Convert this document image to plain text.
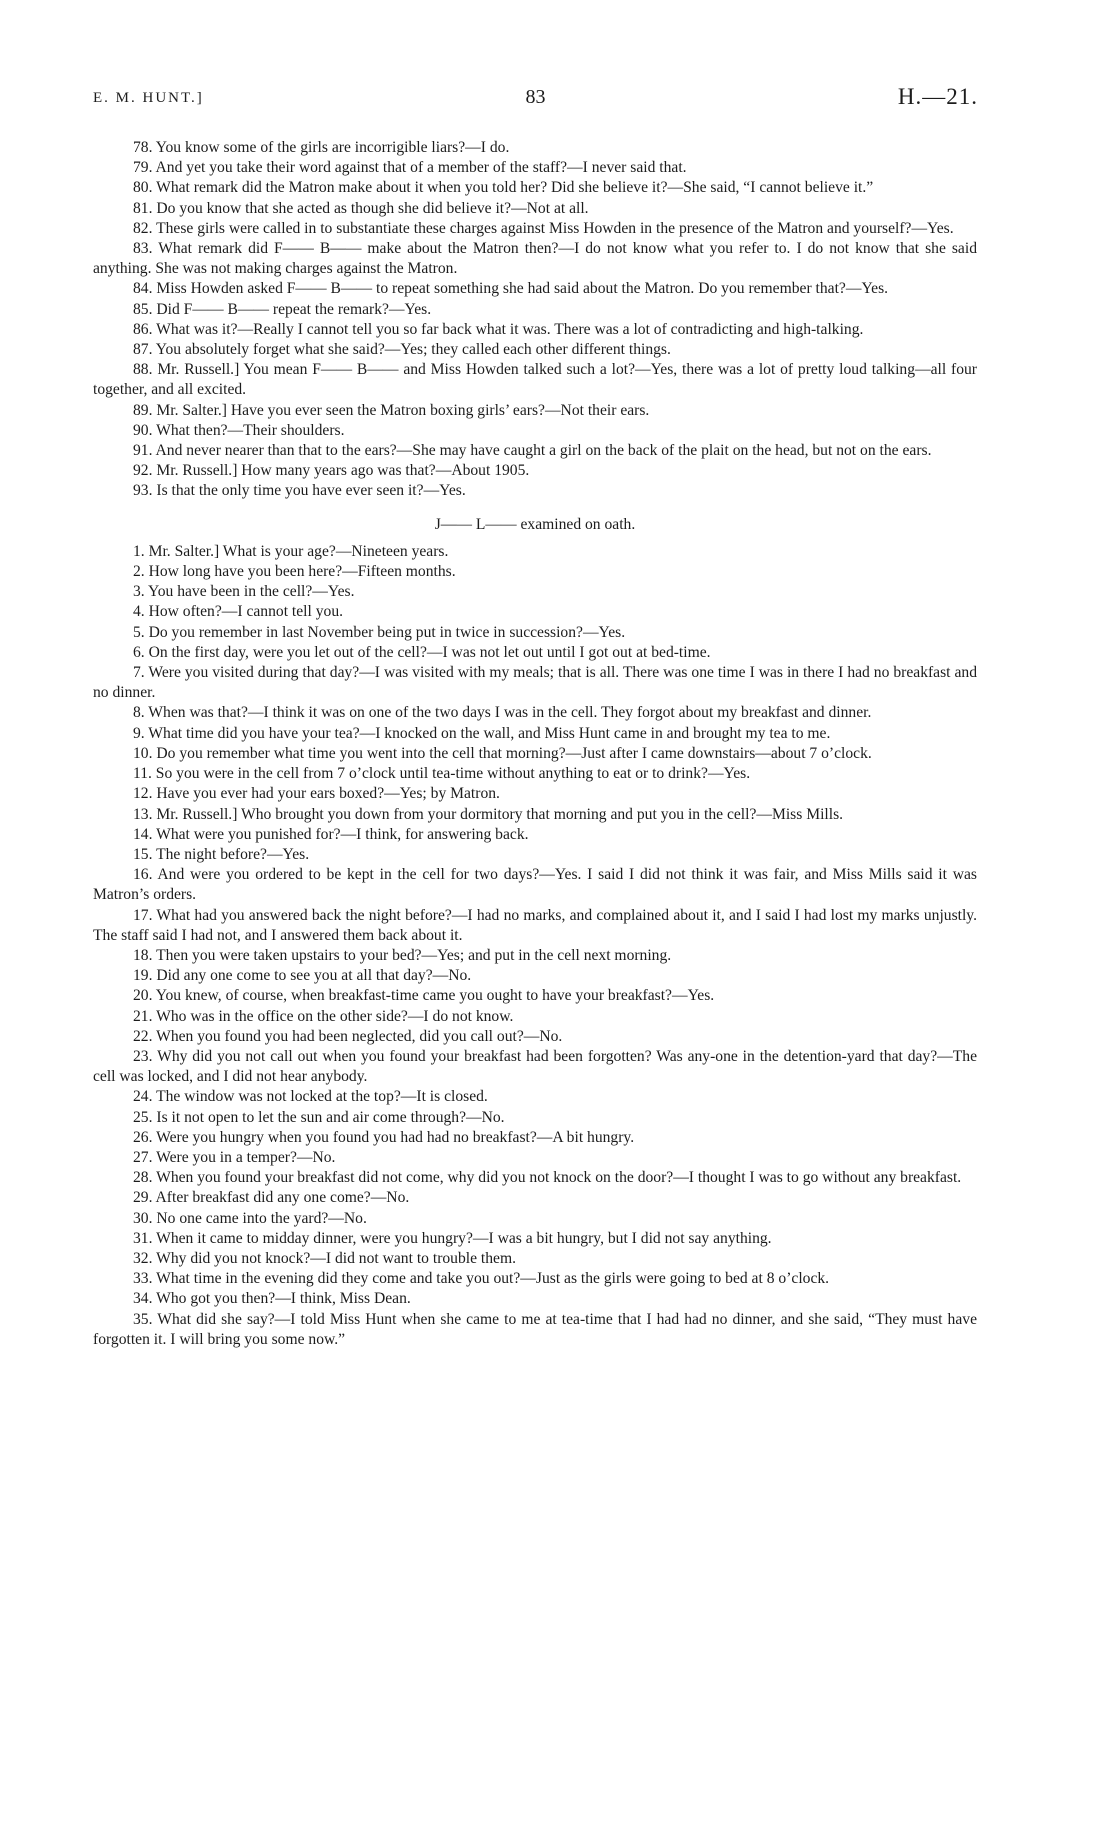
E. M. HUNT.]	83	H.—21.

78. You know some of the girls are incorrigible liars?—I do.

79. And yet you take their word against that of a member of the staff?—I never said that.

80. What remark did the Matron make about it when you told her? Did she believe it?—She said, “I cannot believe it.”

81. Do you know that she acted as though she did believe it?—Not at all.

82. These girls were called in to substantiate these charges against Miss Howden in the presence of the Matron and yourself?—Yes.

83. What remark did F—— B—— make about the Matron then?—I do not know what you refer to. I do not know that she said anything. She was not making charges against the Matron.

84. Miss Howden asked F—— B—— to repeat something she had said about the Matron. Do you remember that?—Yes.

85. Did F—— B—— repeat the remark?—Yes.

86. What was it?—Really I cannot tell you so far back what it was. There was a lot of contradicting and high-talking.

87. You absolutely forget what she said?—Yes; they called each other different things.

88. Mr. Russell.] You mean F—— B—— and Miss Howden talked such a lot?—Yes, there was a lot of pretty loud talking—all four together, and all excited.

89. Mr. Salter.] Have you ever seen the Matron boxing girls’ ears?—Not their ears.

90. What then?—Their shoulders.

91. And never nearer than that to the ears?—She may have caught a girl on the back of the plait on the head, but not on the ears.

92. Mr. Russell.] How many years ago was that?—About 1905.

93. Is that the only time you have ever seen it?—Yes.

J—— L—— examined on oath.

1. Mr. Salter.] What is your age?—Nineteen years.

2. How long have you been here?—Fifteen months.

3. You have been in the cell?—Yes.

4. How often?—I cannot tell you.

5. Do you remember in last November being put in twice in succession?—Yes.

6. On the first day, were you let out of the cell?—I was not let out until I got out at bed-time.

7. Were you visited during that day?—I was visited with my meals; that is all. There was one time I was in there I had no breakfast and no dinner.

8. When was that?—I think it was on one of the two days I was in the cell. They forgot about my breakfast and dinner.

9. What time did you have your tea?—I knocked on the wall, and Miss Hunt came in and brought my tea to me.

10. Do you remember what time you went into the cell that morning?—Just after I came downstairs—about 7 o’clock.

11. So you were in the cell from 7 o’clock until tea-time without anything to eat or to drink?—Yes.

12. Have you ever had your ears boxed?—Yes; by Matron.

13. Mr. Russell.] Who brought you down from your dormitory that morning and put you in the cell?—Miss Mills.

14. What were you punished for?—I think, for answering back.

15. The night before?—Yes.

16. And were you ordered to be kept in the cell for two days?—Yes. I said I did not think it was fair, and Miss Mills said it was Matron’s orders.

17. What had you answered back the night before?—I had no marks, and complained about it, and I said I had lost my marks unjustly. The staff said I had not, and I answered them back about it.

18. Then you were taken upstairs to your bed?—Yes; and put in the cell next morning.

19. Did any one come to see you at all that day?—No.

20. You knew, of course, when breakfast-time came you ought to have your breakfast?—Yes.

21. Who was in the office on the other side?—I do not know.

22. When you found you had been neglected, did you call out?—No.

23. Why did you not call out when you found your breakfast had been forgotten? Was any-one in the detention-yard that day?—The cell was locked, and I did not hear anybody.

24. The window was not locked at the top?—It is closed.

25. Is it not open to let the sun and air come through?—No.

26. Were you hungry when you found you had had no breakfast?—A bit hungry.

27. Were you in a temper?—No.

28. When you found your breakfast did not come, why did you not knock on the door?—I thought I was to go without any breakfast.

29. After breakfast did any one come?—No.

30. No one came into the yard?—No.

31. When it came to midday dinner, were you hungry?—I was a bit hungry, but I did not say anything.

32. Why did you not knock?—I did not want to trouble them.

33. What time in the evening did they come and take you out?—Just as the girls were going to bed at 8 o’clock.

34. Who got you then?—I think, Miss Dean.

35. What did she say?—I told Miss Hunt when she came to me at tea-time that I had had no dinner, and she said, “They must have forgotten it. I will bring you some now.”
